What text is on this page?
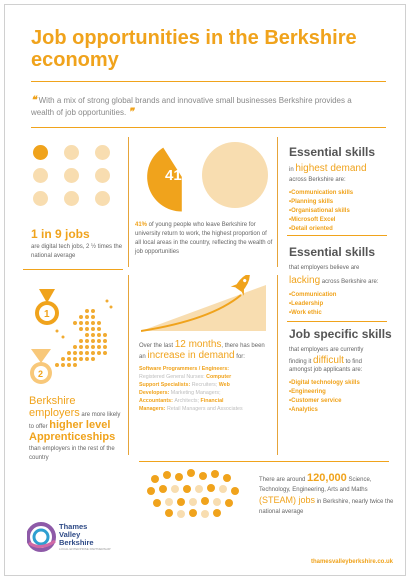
Job opportunities in the Berkshire economy
❝ With a mix of strong global brands and innovative small businesses Berkshire provides a wealth of job opportunities. ❞
1 in 9 jobs
are digital tech jobs, 2 ½ times the national average
41%
41% of young people who leave Berkshire for university return to work, the highest proportion of all local areas in the country, reflecting the wealth of job opportunities
Essential skills
in highest demand
across Berkshire are:
• Communication skills
• Planning skills
• Organisational skills
• Microsoft Excel
• Detail oriented
Essential skills
that employers believe are
lacking across Berkshire are:
• Communication
• Leadership
• Work ethic
1
2
Berkshire
employers are more likely
to offer higher level
Apprenticeships
than employers in the rest of the country
Over the last 12 months, there has been
an increase in demand for:
Software Programmers / Engineers:
Registered General Nurses: Computer
Support Specialists: Recruiters; Web
Developers: Marketing Managers;
Accountants: Architects; Financial
Managers: Retail Managers and Associates
Job specific skills
that employers are currently
finding it difficult to find
amongst job applicants are:
• Digital technology skills
• Engineering
• Customer service
• Analytics
There are around 120,000 Science, Technology, Engineering, Arts and Maths (STEAM) jobs in Berkshire, nearly twice the national average
Thames
Valley
Berkshire
LOCAL ENTERPRISE PARTNERSHIP
thamesvalleyberkshire.co.uk
